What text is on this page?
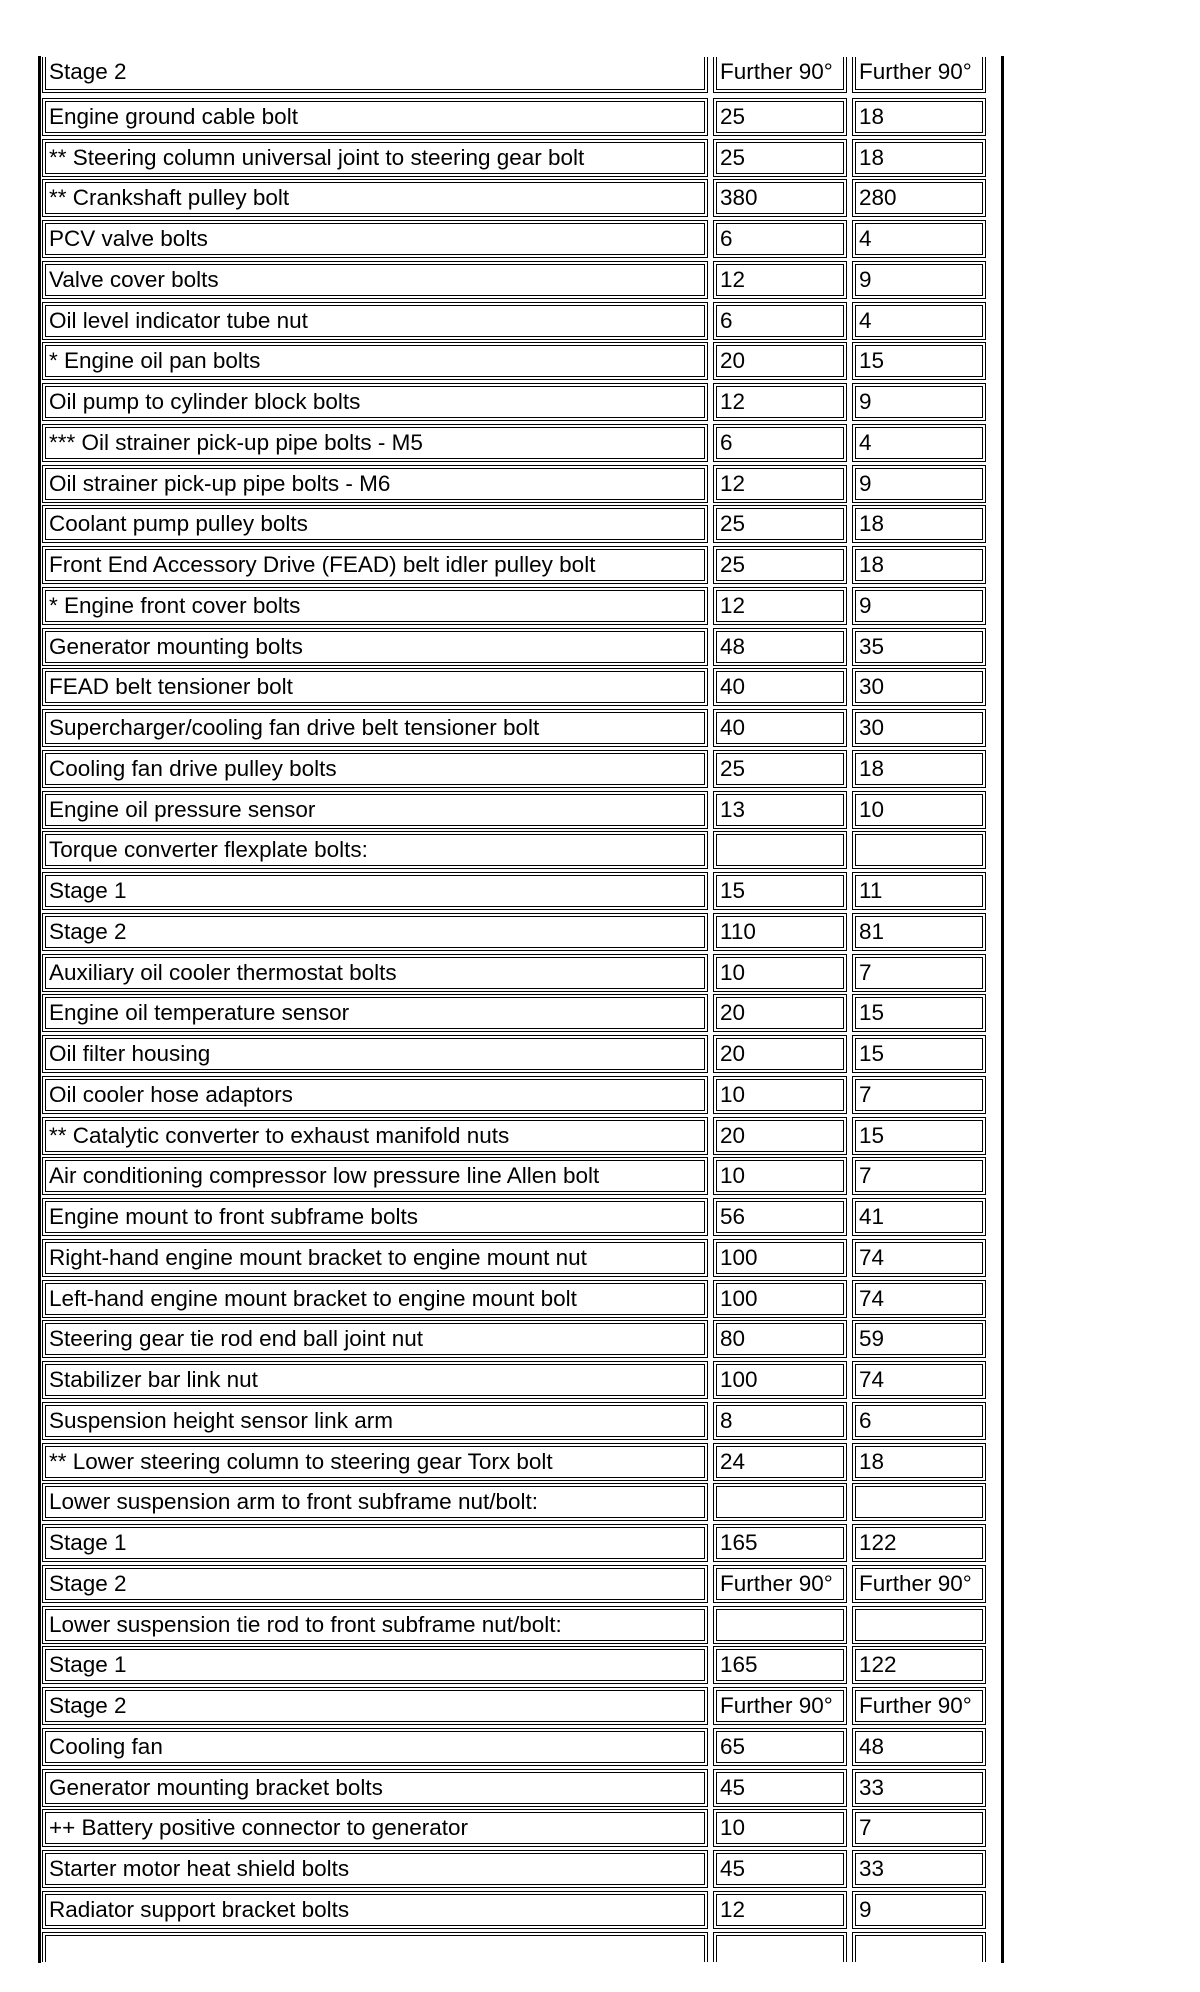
Stage 2	Further 90°	Further 90°
Engine ground cable bolt	25	18
** Steering column universal joint to steering gear bolt	25	18
** Crankshaft pulley bolt	380	280
PCV valve bolts	6	4
Valve cover bolts	12	9
Oil level indicator tube nut	6	4
* Engine oil pan bolts	20	15
Oil pump to cylinder block bolts	12	9
*** Oil strainer pick-up pipe bolts - M5	6	4
Oil strainer pick-up pipe bolts - M6	12	9
Coolant pump pulley bolts	25	18
Front End Accessory Drive (FEAD) belt idler pulley bolt	25	18
* Engine front cover bolts	12	9
Generator mounting bolts	48	35
FEAD belt tensioner bolt	40	30
Supercharger/cooling fan drive belt tensioner bolt	40	30
Cooling fan drive pulley bolts	25	18
Engine oil pressure sensor	13	10
Torque converter flexplate bolts:
Stage 1	15	11
Stage 2	110	81
Auxiliary oil cooler thermostat bolts	10	7
Engine oil temperature sensor	20	15
Oil filter housing	20	15
Oil cooler hose adaptors	10	7
** Catalytic converter to exhaust manifold nuts	20	15
Air conditioning compressor low pressure line Allen bolt	10	7
Engine mount to front subframe bolts	56	41
Right-hand engine mount bracket to engine mount nut	100	74
Left-hand engine mount bracket to engine mount bolt	100	74
Steering gear tie rod end ball joint nut	80	59
Stabilizer bar link nut	100	74
Suspension height sensor link arm	8	6
** Lower steering column to steering gear Torx bolt	24	18
Lower suspension arm to front subframe nut/bolt:
Stage 1	165	122
Stage 2	Further 90°	Further 90°
Lower suspension tie rod to front subframe nut/bolt:
Stage 1	165	122
Stage 2	Further 90°	Further 90°
Cooling fan	65	48
Generator mounting bracket bolts	45	33
++ Battery positive connector to generator	10	7
Starter motor heat shield bolts	45	33
Radiator support bracket bolts	12	9
